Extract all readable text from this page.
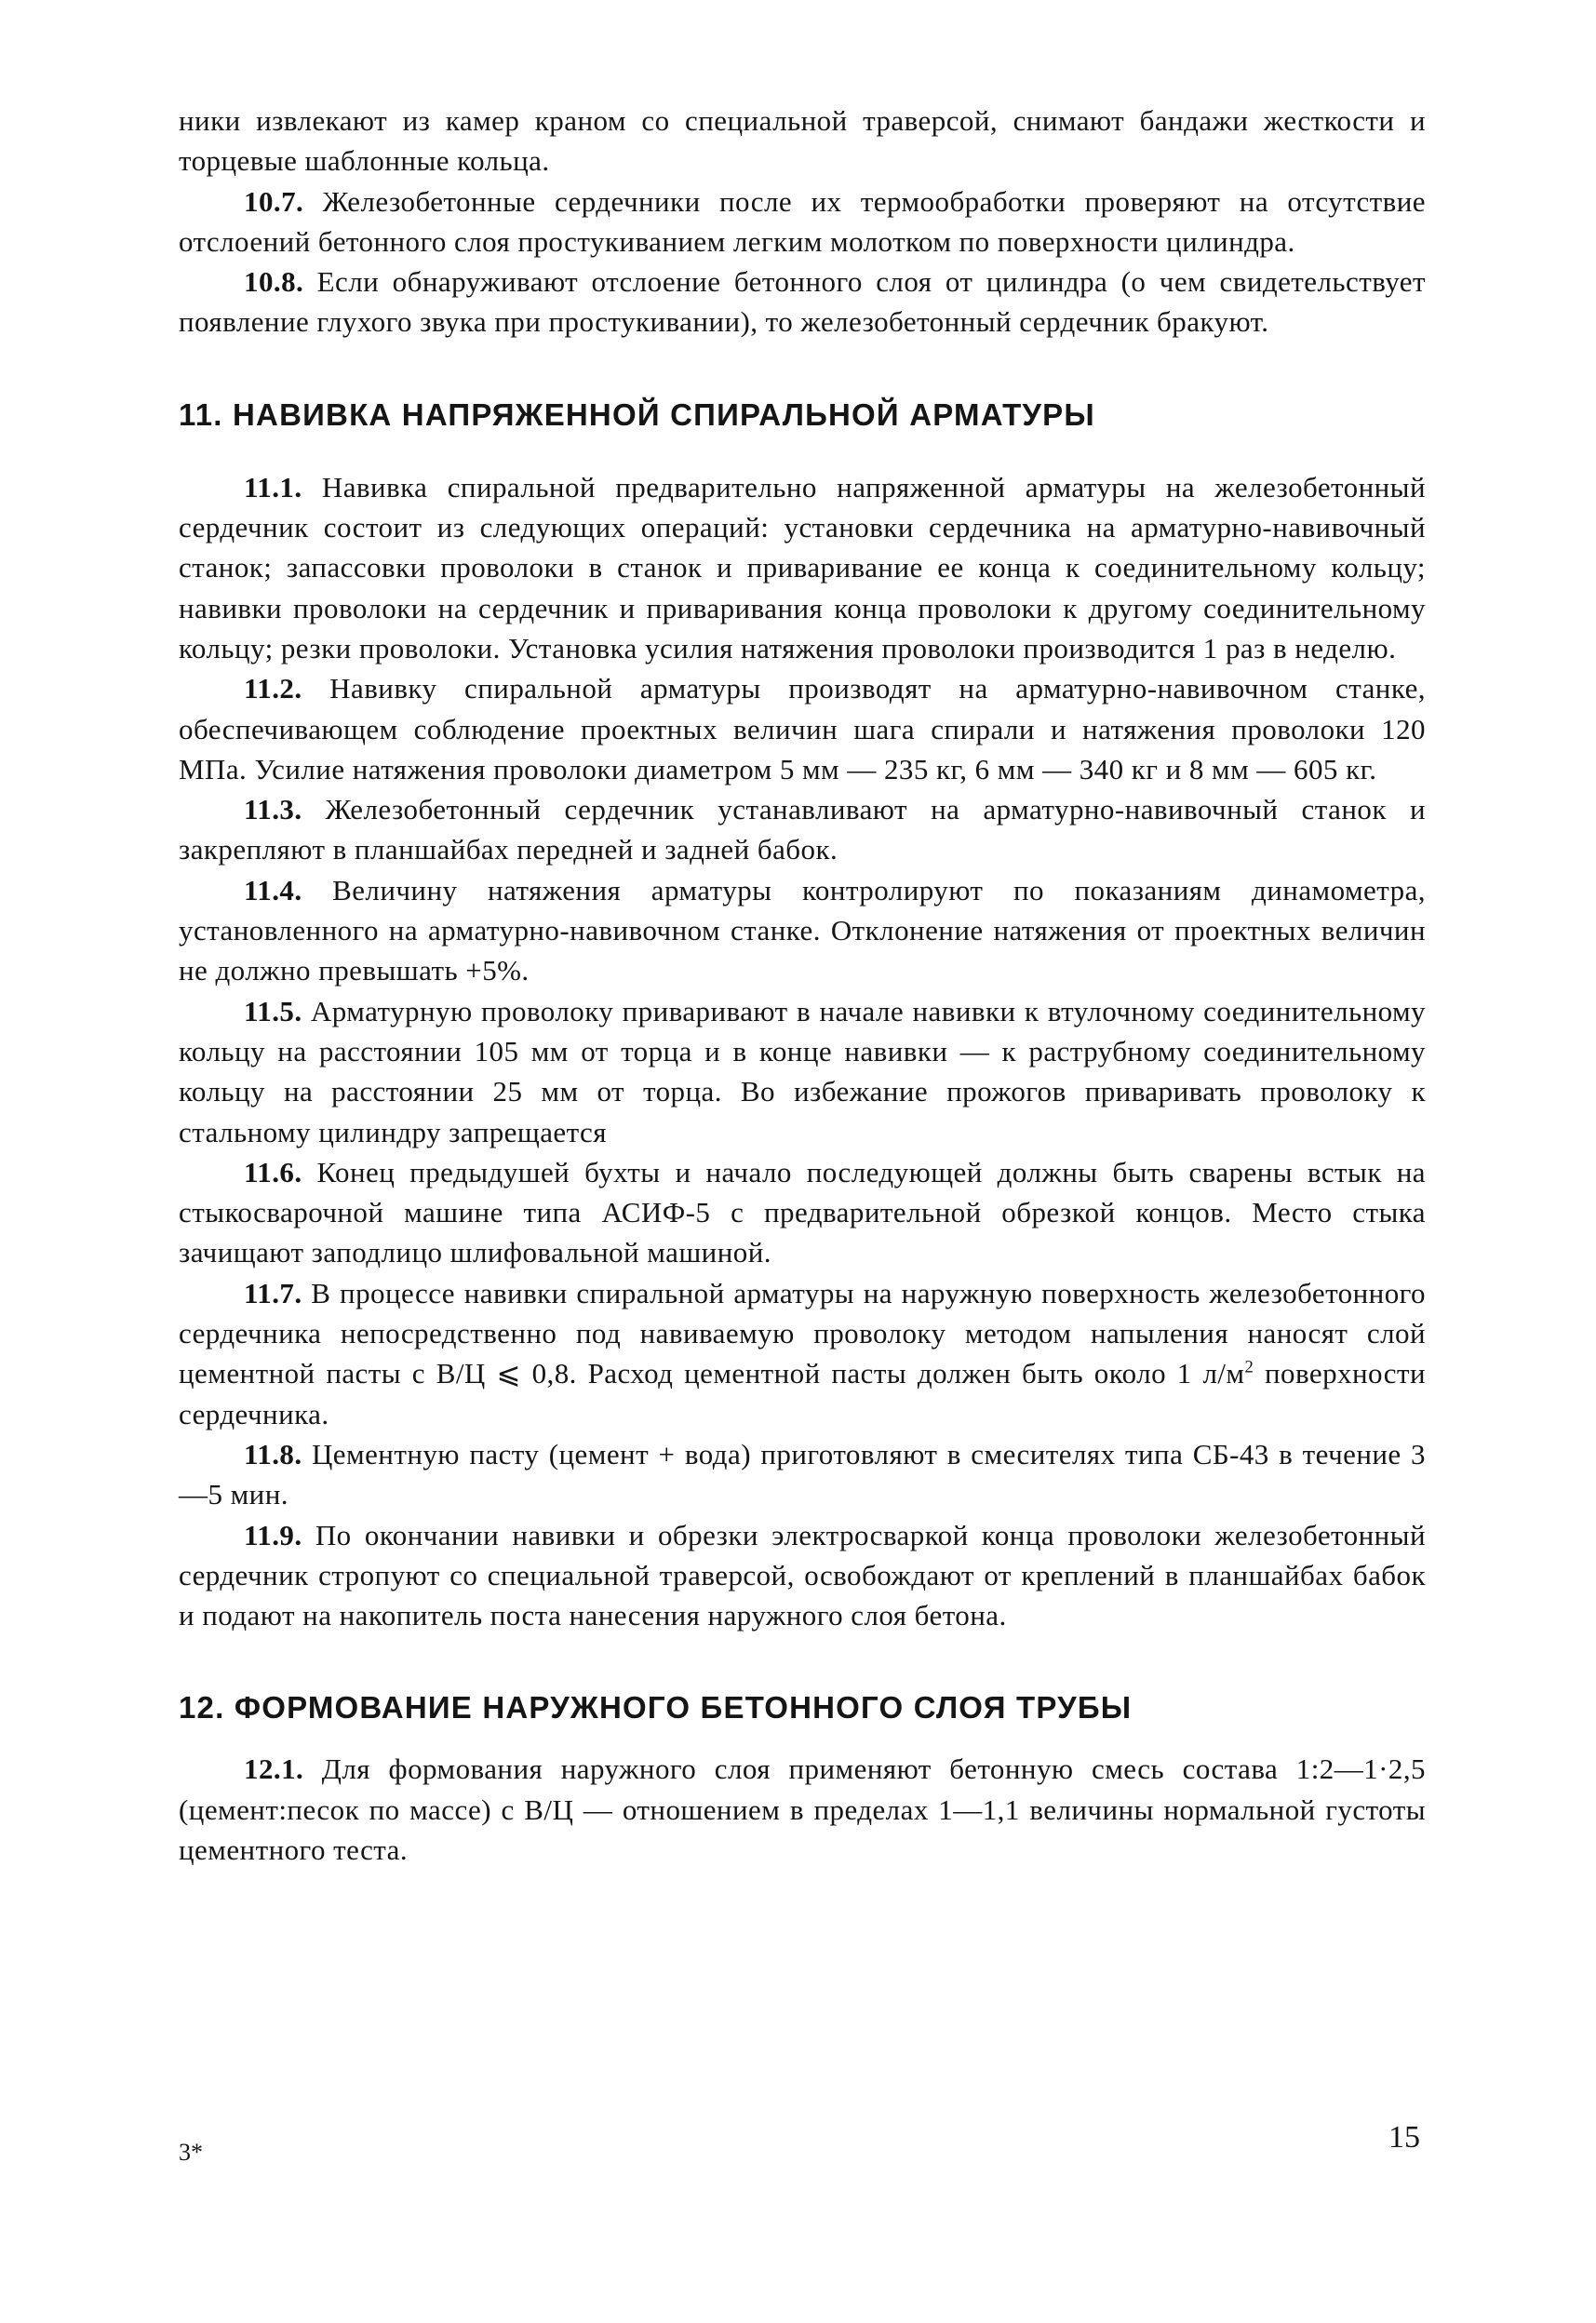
ники извлекают из камер краном со специальной траверсой, снимают бандажи жесткости и торцевые шаблонные кольца.

10.7. Железобетонные сердечники после их термообработки проверяют на отсутствие отслоений бетонного слоя простукиванием легким молотком по поверхности цилиндра.

10.8. Если обнаруживают отслоение бетонного слоя от цилиндра (о чем свидетельствует появление глухого звука при простукивании), то железобетонный сердечник бракуют.

11. НАВИВКА НАПРЯЖЕННОЙ СПИРАЛЬНОЙ АРМАТУРЫ

11.1. Навивка спиральной предварительно напряженной арматуры на железобетонный сердечник состоит из следующих операций: установки сердечника на арматурно-навивочный станок; запассовки проволоки в станок и приваривание ее конца к соединительному кольцу; навивки проволоки на сердечник и приваривания конца проволоки к другому соединительному кольцу; резки проволоки. Установка усилия натяжения проволоки производится 1 раз в неделю.

11.2. Навивку спиральной арматуры производят на арматурно-навивочном станке, обеспечивающем соблюдение проектных величин шага спирали и натяжения проволоки 120 МПа. Усилие натяжения проволоки диаметром 5 мм — 235 кг, 6 мм — 340 кг и 8 мм — 605 кг.

11.3. Железобетонный сердечник устанавливают на арматурно-навивочный станок и закрепляют в планшайбах передней и задней бабок.

11.4. Величину натяжения арматуры контролируют по показаниям динамометра, установленного на арматурно-навивочном станке. Отклонение натяжения от проектных величин не должно превышать +5%.

11.5. Арматурную проволоку приваривают в начале навивки к втулочному соединительному кольцу на расстоянии 105 мм от торца и в конце навивки — к раструбному соединительному кольцу на расстоянии 25 мм от торца. Во избежание прожогов приваривать проволоку к стальному цилиндру запрещается

11.6. Конец предыдушей бухты и начало последующей должны быть сварены встык на стыкосварочной машине типа АСИФ-5 с предварительной обрезкой концов. Место стыка зачищают заподлицо шлифовальной машиной.

11.7. В процессе навивки спиральной арматуры на наружную поверхность железобетонного сердечника непосредственно под навиваемую проволоку методом напыления наносят слой цементной пасты с В/Ц ⩽ 0,8. Расход цементной пасты должен быть около 1 $л/м^2$ поверхности сердечника.

11.8. Цементную пасту (цемент + вода) приготовляют в смесителях типа СБ-43 в течение 3—5 мин.

11.9. По окончании навивки и обрезки электросваркой конца проволоки железобетонный сердечник стропуют со специальной траверсой, освобождают от креплений в планшайбах бабок и подают на накопитель поста нанесения наружного слоя бетона.

12. ФОРМОВАНИЕ НАРУЖНОГО БЕТОННОГО СЛОЯ ТРУБЫ

12.1. Для формования наружного слоя применяют бетонную смесь состава 1:2—1·2,5 (цемент:песок по массе) с В/Ц — отношением в пределах 1—1,1 величины нормальной густоты цементного теста.

3*	15
